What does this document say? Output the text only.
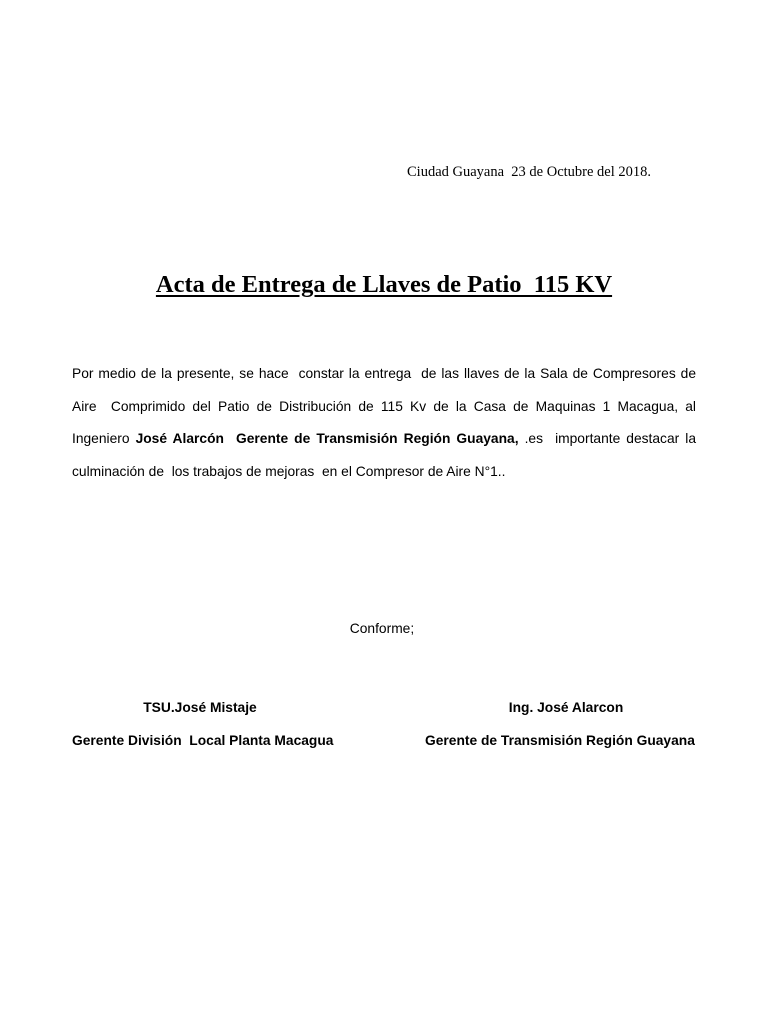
Ciudad Guayana  23 de Octubre del 2018.
Acta de Entrega de Llaves de Patio  115 KV
Por medio de la presente, se hace  constar la entrega  de las llaves de la Sala de Compresores de Aire  Comprimido del Patio de Distribución de 115 Kv de la Casa de Maquinas 1 Macagua, al Ingeniero José Alarcón  Gerente de Transmisión Región Guayana, .es  importante destacar la culminación de  los trabajos de mejoras  en el Compresor de Aire N°1..
Conforme;
TSU.José Mistaje
Gerente División  Local Planta Macagua
Ing. José Alarcon
Gerente de Transmisión Región Guayana
